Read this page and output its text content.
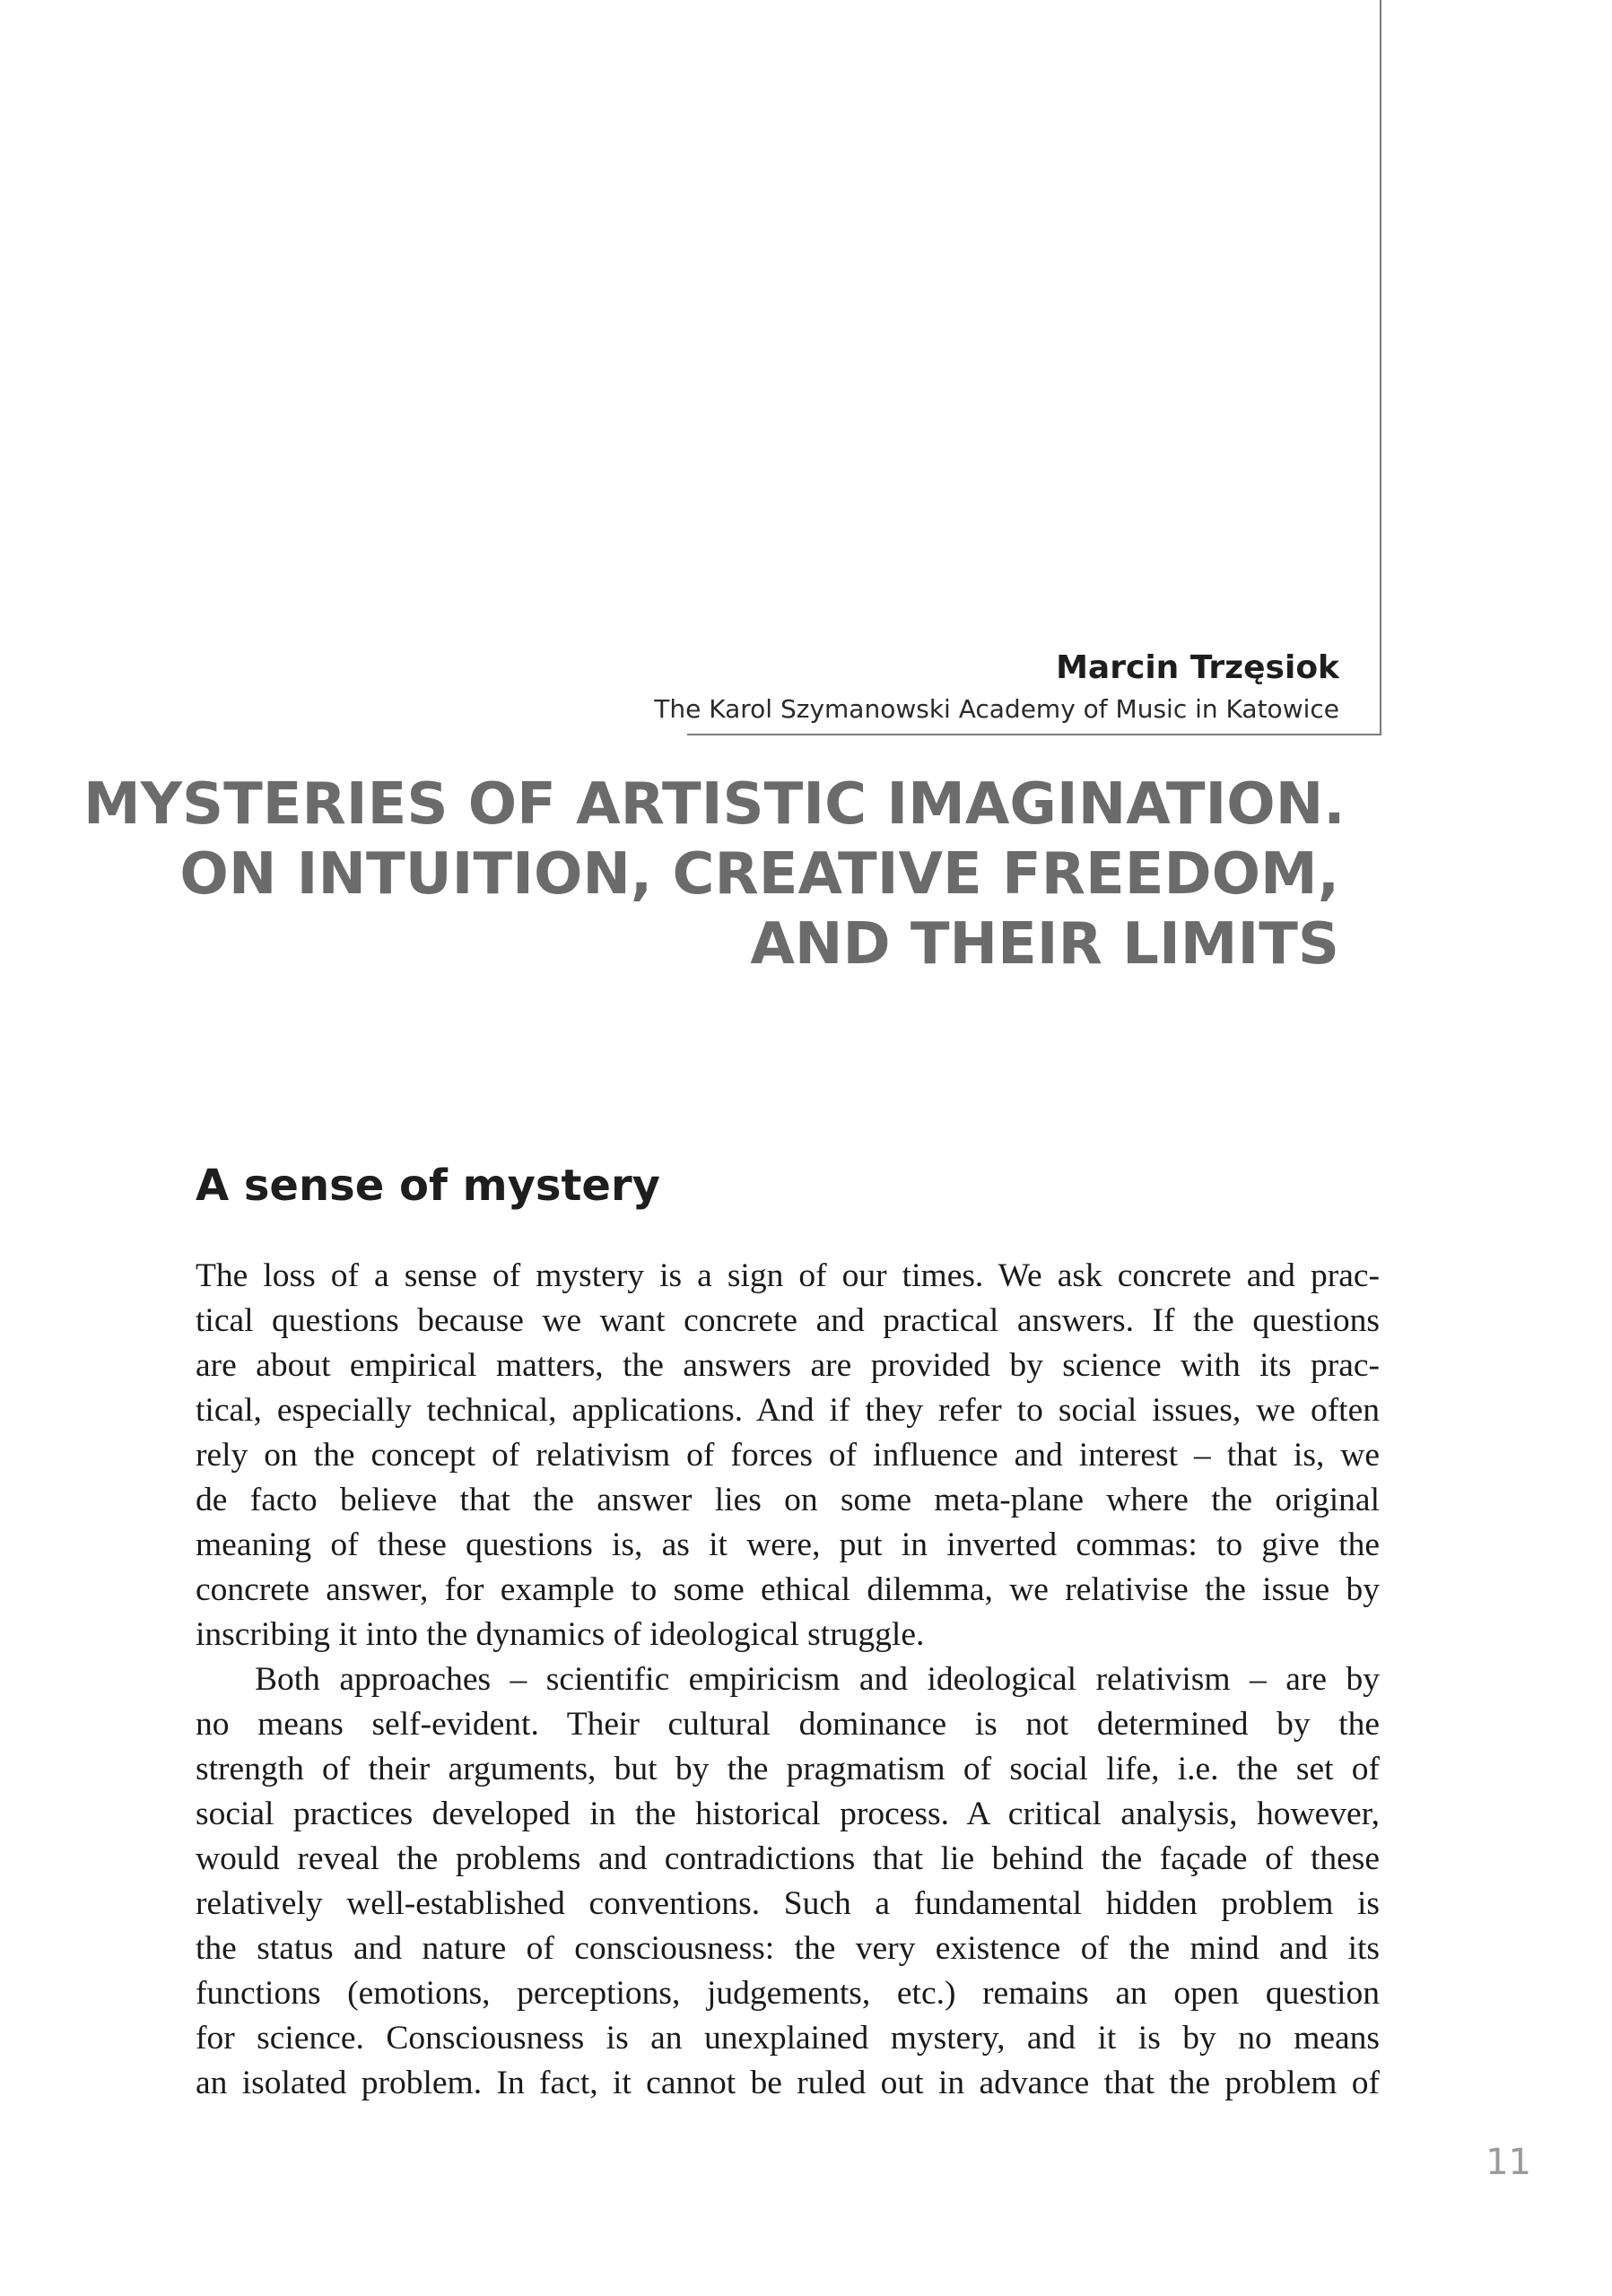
Marcin Trzęsiok
The Karol Szymanowski Academy of Music in Katowice
MYSTERIES OF ARTISTIC IMAGINATION.
ON INTUITION, CREATIVE FREEDOM,
AND THEIR LIMITS
A sense of mystery
The loss of a sense of mystery is a sign of our times. We ask concrete and prac-
tical questions because we want concrete and practical answers. If the questions
are about empirical matters, the answers are provided by science with its prac-
tical, especially technical, applications. And if they refer to social issues, we often
rely on the concept of relativism of forces of influence and interest – that is, we
de facto believe that the answer lies on some meta-plane where the original
meaning of these questions is, as it were, put in inverted commas: to give the
concrete answer, for example to some ethical dilemma, we relativise the issue by
inscribing it into the dynamics of ideological struggle.
Both approaches – scientific empiricism and ideological relativism – are by
no means self-evident. Their cultural dominance is not determined by the
strength of their arguments, but by the pragmatism of social life, i.e. the set of
social practices developed in the historical process. A critical analysis, however,
would reveal the problems and contradictions that lie behind the façade of these
relatively well-established conventions. Such a fundamental hidden problem is
the status and nature of consciousness: the very existence of the mind and its
functions (emotions, perceptions, judgements, etc.) remains an open question
for science. Consciousness is an unexplained mystery, and it is by no means
an isolated problem. In fact, it cannot be ruled out in advance that the problem of
11
